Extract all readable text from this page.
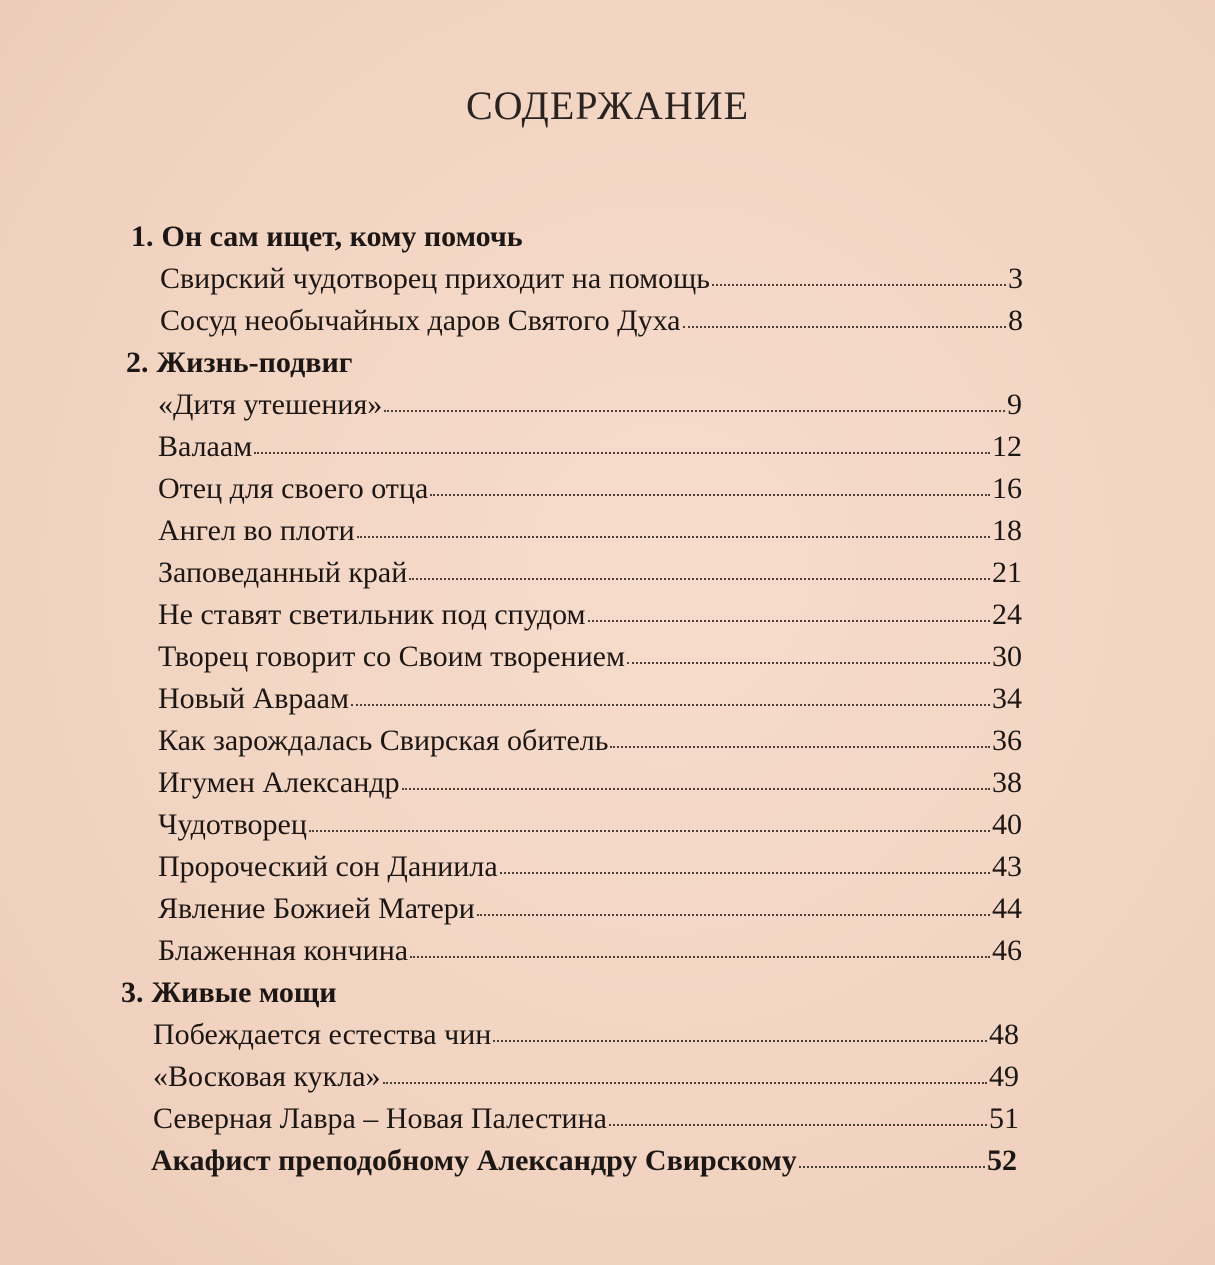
СОДЕРЖАНИЕ
1. Он сам ищет, кому помочь
Свирский чудотворец приходит на помощь	3
Сосуд необычайных даров Святого Духа	8
2. Жизнь-подвиг
«Дитя утешения»	9
Валаам	12
Отец для своего отца	16
Ангел во плоти	18
Заповеданный край	21
Не ставят светильник под спудом	24
Творец говорит со Своим творением	30
Новый Авраам	34
Как зарождалась Свирская обитель	36
Игумен Александр	38
Чудотворец	40
Пророческий сон Даниила	43
Явление Божией Матери	44
Блаженная кончина	46
3. Живые мощи
Побеждается естества чин	48
«Восковая кукла»	49
Северная Лавра – Новая Палестина	51
Акафист преподобному Александру Свирскому	52
